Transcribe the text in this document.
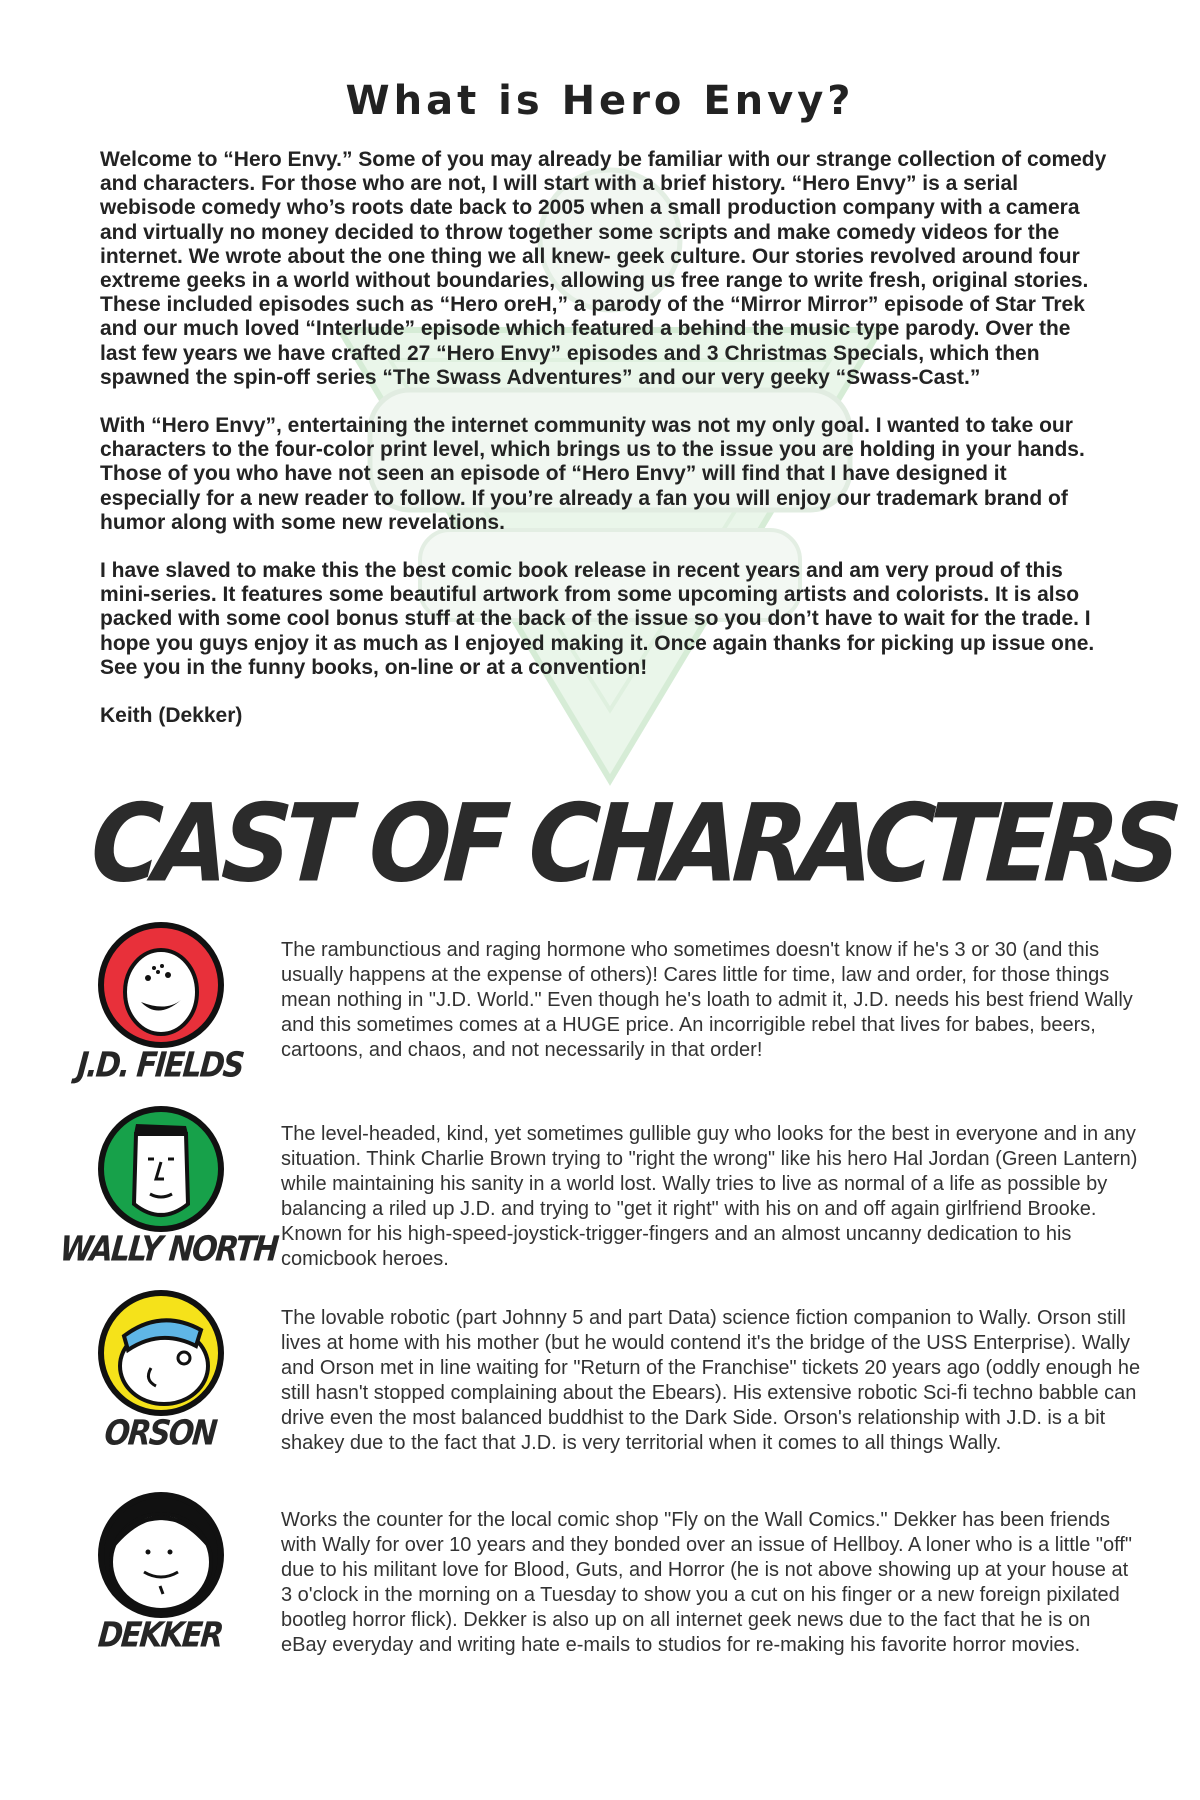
What is Hero Envy?

Welcome to “Hero Envy.” Some of you may already be familiar with our strange collection of comedy and characters. For those who are not, I will start with a brief history. “Hero Envy” is a serial webisode comedy who’s roots date back to 2005 when a small production company with a camera and virtually no money decided to throw together some scripts and make comedy videos for the internet. We wrote about the one thing we all knew- geek culture. Our stories revolved around four extreme geeks in a world without boundaries, allowing us free range to write fresh, original stories. These included episodes such as “Hero oreH,” a parody of the “Mirror Mirror” episode of Star Trek and our much loved “Interlude” episode which featured a behind the music type parody. Over the last few years we have crafted 27 “Hero Envy” episodes and 3 Christmas Specials, which then spawned the spin-off series “The Swass Adventures” and our very geeky “Swass-Cast.”

With “Hero Envy”, entertaining the internet community was not my only goal. I wanted to take our characters to the four-color print level, which brings us to the issue you are holding in your hands. Those of you who have not seen an episode of “Hero Envy” will find that I have designed it especially for a new reader to follow. If you’re already a fan you will enjoy our trademark brand of humor along with some new revelations.

I have slaved to make this the best comic book release in recent years and am very proud of this mini-series. It features some beautiful artwork from some upcoming artists and colorists. It is also packed with some cool bonus stuff at the back of the issue so you don’t have to wait for the trade. I hope you guys enjoy it as much as I enjoyed making it. Once again thanks for picking up issue one. See you in the funny books, on-line or at a convention!

Keith (Dekker)

CAST OF CHARACTERS
J.D. FIELDS

The rambunctious and raging hormone who sometimes doesn't know if he's 3 or 30 (and this usually happens at the expense of others)! Cares little for time, law and order, for those things mean nothing in "J.D. World." Even though he's loath to admit it, J.D. needs his best friend Wally and this sometimes comes at a HUGE price. An incorrigible rebel that lives for babes, beers, cartoons, and chaos, and not necessarily in that order!

WALLY NORTH

The level-headed, kind, yet sometimes gullible guy who looks for the best in everyone and in any situation. Think Charlie Brown trying to "right the wrong" like his hero Hal Jordan (Green Lantern) while maintaining his sanity in a world lost. Wally tries to live as normal of a life as possible by balancing a riled up J.D. and trying to "get it right" with his on and off again girlfriend Brooke. Known for his high-speed-joystick-trigger-fingers and an almost uncanny dedication to his comicbook heroes.

ORSON

The lovable robotic (part Johnny 5 and part Data) science fiction companion to Wally. Orson still lives at home with his mother (but he would contend it's the bridge of the USS Enterprise). Wally and Orson met in line waiting for "Return of the Franchise" tickets 20 years ago (oddly enough he still hasn't stopped complaining about the Ebears). His extensive robotic Sci-fi techno babble can drive even the most balanced buddhist to the Dark Side. Orson's relationship with J.D. is a bit shakey due to the fact that J.D. is very territorial when it comes to all things Wally.

DEKKER

Works the counter for the local comic shop "Fly on the Wall Comics." Dekker has been friends with Wally for over 10 years and they bonded over an issue of Hellboy. A loner who is a little "off" due to his militant love for Blood, Guts, and Horror (he is not above showing up at your house at 3 o'clock in the morning on a Tuesday to show you a cut on his finger or a new foreign pixilated bootleg horror flick). Dekker is also up on all internet geek news due to the fact that he is on eBay everyday and writing hate e-mails to studios for re-making his favorite horror movies.
